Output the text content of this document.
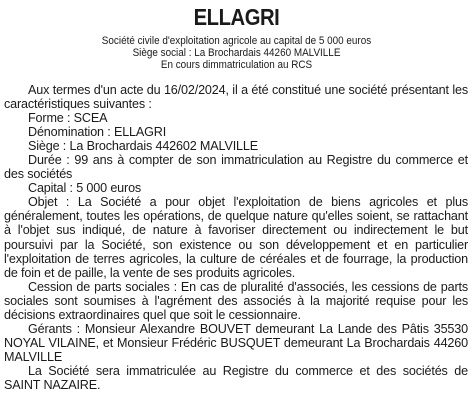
ELLAGRI
Société civile d'exploitation agricole au capital de 5 000 euros
Siège social : La Brochardais 44260 MALVILLE
En cours dimmatriculation au RCS

Aux termes d'un acte du 16/02/2024, il a été constitué une société présentant les caractéristiques suivantes :

Forme : SCEA

Dénomination : ELLAGRI

Siège : La Brochardais 442602 MALVILLE

Durée : 99 ans à compter de son immatriculation au Registre du commerce et des sociétés

Capital : 5 000 euros

Objet : La Société a pour objet l'exploitation de biens agricoles et plus généralement, toutes les opérations, de quelque nature qu'elles soient, se rattachant à l'objet sus indiqué, de nature à favoriser directement ou indirectement le but poursuivi par la Société, son existence ou son développement et en particulier l'exploitation de terres agricoles, la culture de céréales et de fourrage, la production de foin et de paille, la vente de ses produits agricoles.

Cession de parts sociales : En cas de pluralité d'associés, les cessions de parts sociales sont soumises à l'agrément des associés à la majorité requise pour les décisions extraordinaires quel que soit le cessionnaire.

Gérants : Monsieur Alexandre BOUVET demeurant La Lande des Pâtis 35530 NOYAL VILAINE, et Monsieur Frédéric BUSQUET demeurant La Brochardais 44260 MALVILLE

La Société sera immatriculée au Registre du commerce et des sociétés de SAINT NAZAIRE.
